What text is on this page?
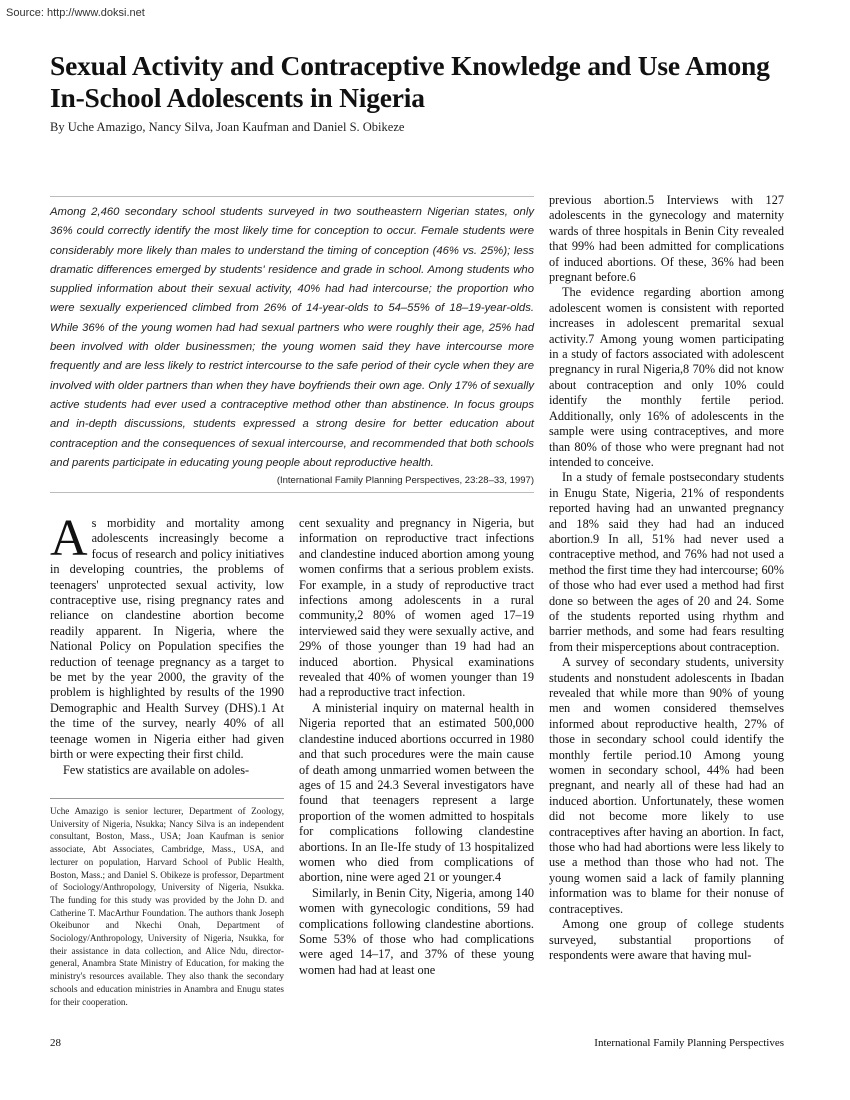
Source: http://www.doksi.net
Sexual Activity and Contraceptive Knowledge and Use Among In-School Adolescents in Nigeria
By Uche Amazigo, Nancy Silva, Joan Kaufman and Daniel S. Obikeze

Among 2,460 secondary school students surveyed in two southeastern Nigerian states, only 36% could correctly identify the most likely time for conception to occur. Female students were considerably more likely than males to understand the timing of conception (46% vs. 25%); less dramatic differences emerged by students' residence and grade in school. Among students who supplied information about their sexual activity, 40% had had intercourse; the proportion who were sexually experienced climbed from 26% of 14-year-olds to 54–55% of 18–19-year-olds. While 36% of the young women had had sexual partners who were roughly their age, 25% had been involved with older businessmen; the young women said they have intercourse more frequently and are less likely to restrict intercourse to the safe period of their cycle when they are involved with older partners than when they have boyfriends their own age. Only 17% of sexually active students had ever used a contraceptive method other than abstinence. In focus groups and in-depth discussions, students expressed a strong desire for better education about contraception and the consequences of sexual intercourse, and recommended that both schools and parents participate in educating young people about reproductive health.

(International Family Planning Perspectives, 23:28–33, 1997)

As morbidity and mortality among adolescents increasingly become a focus of research and policy initiatives in developing countries, the problems of teenagers' unprotected sexual activity, low contraceptive use, rising pregnancy rates and reliance on clandestine abortion become readily apparent. In Nigeria, where the National Policy on Population specifies the reduction of teenage pregnancy as a target to be met by the year 2000, the gravity of the problem is highlighted by results of the 1990 Demographic and Health Survey (DHS).1 At the time of the survey, nearly 40% of all teenage women in Nigeria either had given birth or were expecting their first child.

Few statistics are available on adoles-

Uche Amazigo is senior lecturer, Department of Zoology, University of Nigeria, Nsukka; Nancy Silva is an independent consultant, Boston, Mass., USA; Joan Kaufman is senior associate, Abt Associates, Cambridge, Mass., USA, and lecturer on population, Harvard School of Public Health, Boston, Mass.; and Daniel S. Obikeze is professor, Department of Sociology/Anthropology, University of Nigeria, Nsukka. The funding for this study was provided by the John D. and Catherine T. MacArthur Foundation. The authors thank Joseph Okeibunor and Nkechi Onah, Department of Sociology/Anthropology, University of Nigeria, Nsukka, for their assistance in data collection, and Alice Ndu, director-general, Anambra State Ministry of Education, for making the ministry's resources available. They also thank the secondary schools and education ministries in Anambra and Enugu states for their cooperation.

cent sexuality and pregnancy in Nigeria, but information on reproductive tract infections and clandestine induced abortion among young women confirms that a serious problem exists. For example, in a study of reproductive tract infections among adolescents in a rural community,2 80% of women aged 17–19 interviewed said they were sexually active, and 29% of those younger than 19 had had an induced abortion. Physical examinations revealed that 40% of women younger than 19 had a reproductive tract infection.

A ministerial inquiry on maternal health in Nigeria reported that an estimated 500,000 clandestine induced abortions occurred in 1980 and that such procedures were the main cause of death among unmarried women between the ages of 15 and 24.3 Several investigators have found that teenagers represent a large proportion of the women admitted to hospitals for complications following clandestine abortions. In an Ile-Ife study of 13 hospitalized women who died from complications of abortion, nine were aged 21 or younger.4

Similarly, in Benin City, Nigeria, among 140 women with gynecologic conditions, 59 had complications following clandestine abortions. Some 53% of those who had complications were aged 14–17, and 37% of these young women had had at least one

previous abortion.5 Interviews with 127 adolescents in the gynecology and maternity wards of three hospitals in Benin City revealed that 99% had been admitted for complications of induced abortions. Of these, 36% had been pregnant before.6

The evidence regarding abortion among adolescent women is consistent with reported increases in adolescent premarital sexual activity.7 Among young women participating in a study of factors associated with adolescent pregnancy in rural Nigeria,8 70% did not know about contraception and only 10% could identify the monthly fertile period. Additionally, only 16% of adolescents in the sample were using contraceptives, and more than 80% of those who were pregnant had not intended to conceive.

In a study of female postsecondary students in Enugu State, Nigeria, 21% of respondents reported having had an unwanted pregnancy and 18% said they had had an induced abortion.9 In all, 51% had never used a contraceptive method, and 76% had not used a method the first time they had intercourse; 60% of those who had ever used a method had first done so between the ages of 20 and 24. Some of the students reported using rhythm and barrier methods, and some had fears resulting from their misperceptions about contraception.

A survey of secondary students, university students and nonstudent adolescents in Ibadan revealed that while more than 90% of young men and women considered themselves informed about reproductive health, 27% of those in secondary school could identify the monthly fertile period.10 Among young women in secondary school, 44% had been pregnant, and nearly all of these had had an induced abortion. Unfortunately, these women did not become more likely to use contraceptives after having an abortion. In fact, those who had had abortions were less likely to use a method than those who had not. The young women said a lack of family planning information was to blame for their nonuse of contraceptives.

Among one group of college students surveyed, substantial proportions of respondents were aware that having mul-

28	International Family Planning Perspectives
